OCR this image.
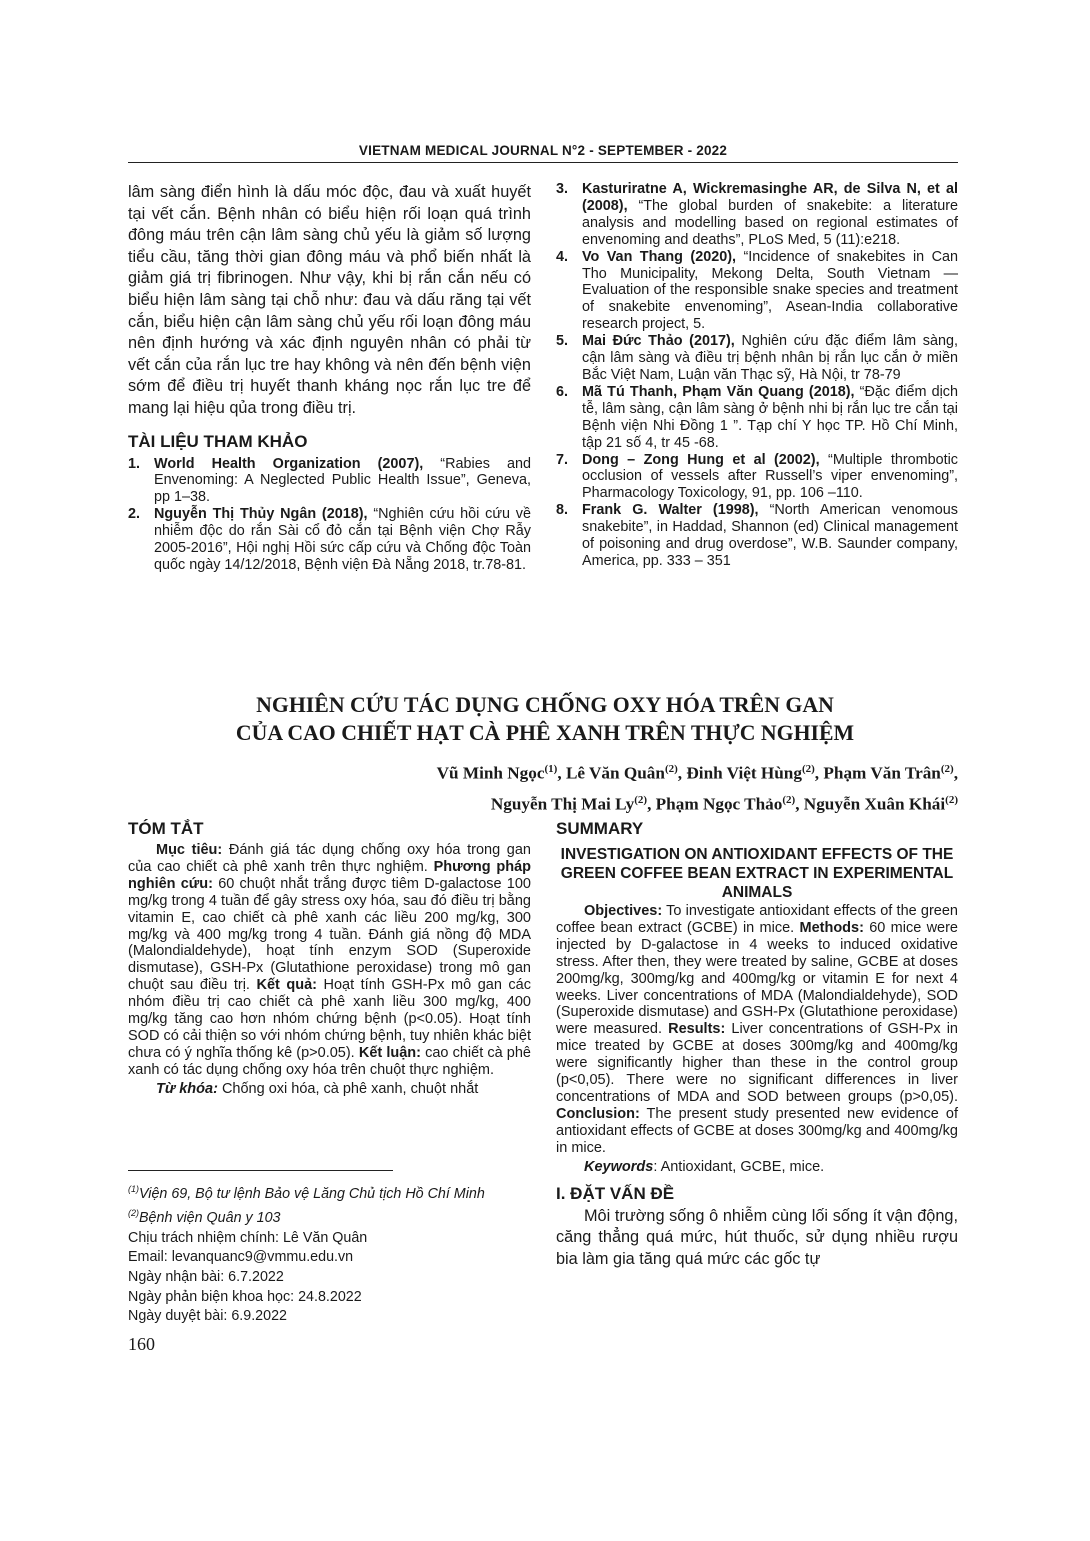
VIETNAM MEDICAL JOURNAL N°2 - SEPTEMBER - 2022

lâm sàng điển hình là dấu móc độc, đau và xuất huyết tại vết cắn. Bệnh nhân có biểu hiện rối loạn quá trình đông máu trên cận lâm sàng chủ yếu là giảm số lượng tiểu cầu, tăng thời gian đông máu và phổ biến nhất là giảm giá trị fibrinogen. Như vậy, khi bị rắn cắn nếu có biểu hiện lâm sàng tại chỗ như: đau và dấu răng tại vết cắn, biểu hiện cận lâm sàng chủ yếu rối loạn đông máu nên định hướng và xác định nguyên nhân có phải từ vết cắn của rắn lục tre hay không và nên đến bệnh viện sớm để điều trị huyết thanh kháng nọc rắn lục tre để mang lại hiệu qủa trong điều trị.

TÀI LIỆU THAM KHẢO

1. World Health Organization (2007), “Rabies and Envenoming: A Neglected Public Health Issue”, Geneva, pp 1–38.
2. Nguyễn Thị Thủy Ngân (2018), “Nghiên cứu hồi cứu về nhiễm độc do rắn Sài cổ đỏ cắn tại Bệnh viện Chợ Rẫy 2005-2016”, Hội nghị Hồi sức cấp cứu và Chống độc Toàn quốc ngày 14/12/2018, Bệnh viện Đà Nẵng 2018, tr.78-81.
3. Kasturiratne A, Wickremasinghe AR, de Silva N, et al (2008), “The global burden of snakebite: a literature analysis and modelling based on regional estimates of envenoming and deaths”, PLoS Med, 5 (11):e218.
4. Vo Van Thang (2020), “Incidence of snakebites in Can Tho Municipality, Mekong Delta, South Vietnam — Evaluation of the responsible snake species and treatment of snakebite envenoming”, Asean-India collaborative research project, 5.
5. Mai Đức Thảo (2017), Nghiên cứu đặc điểm lâm sàng, cận lâm sàng và điều trị bệnh nhân bị rắn lục cắn ở miền Bắc Việt Nam, Luận văn Thạc sỹ, Hà Nội, tr 78-79
6. Mã Tú Thanh, Phạm Văn Quang (2018), “Đặc điểm dịch tễ, lâm sàng, cận lâm sàng ở bệnh nhi bị rắn lục tre cắn tại Bệnh viện Nhi Đồng 1 ”. Tạp chí Y học TP. Hồ Chí Minh, tập 21 số 4, tr 45 -68.
7. Dong – Zong Hung et al (2002), “Multiple thrombotic occlusion of vessels after Russell’s viper envenoming”, Pharmacology Toxicology, 91, pp. 106 –110.
8. Frank G. Walter (1998), “North American venomous snakebite”, in Haddad, Shannon (ed) Clinical management of poisoning and drug overdose”, W.B. Saunder company, America, pp. 333 – 351
NGHIÊN CỨU TÁC DỤNG CHỐNG OXY HÓA TRÊN GAN
CỦA CAO CHIẾT HẠT CÀ PHÊ XANH TRÊN THỰC NGHIỆM
Vũ Minh Ngọc$^{(1)}$, Lê Văn Quân$^{(2)}$, Đinh Việt Hùng$^{(2)}$, Phạm Văn Trân$^{(2)}$,
Nguyễn Thị Mai Ly$^{(2)}$, Phạm Ngọc Thảo$^{(2)}$, Nguyễn Xuân Khái$^{(2)}$

TÓM TẮT

Mục tiêu: Đánh giá tác dụng chống oxy hóa trong gan của cao chiết cà phê xanh trên thực nghiệm. Phương pháp nghiên cứu: 60 chuột nhắt trắng được tiêm D-galactose 100 mg/kg trong 4 tuần để gây stress oxy hóa, sau đó điều trị bằng vitamin E, cao chiết cà phê xanh các liều 200 mg/kg, 300 mg/kg và 400 mg/kg trong 4 tuần. Đánh giá nồng độ MDA (Malondialdehyde), hoạt tính enzym SOD (Superoxide dismutase), GSH-Px (Glutathione peroxidase) trong mô gan chuột sau điều trị. Kết quả: Hoạt tính GSH-Px mô gan các nhóm điều trị cao chiết cà phê xanh liều 300 mg/kg, 400 mg/kg tăng cao hơn nhóm chứng bệnh (p<0.05). Hoạt tính SOD có cải thiện so với nhóm chứng bệnh, tuy nhiên khác biệt chưa có ý nghĩa thống kê (p>0.05). Kết luận: cao chiết cà phê xanh có tác dụng chống oxy hóa trên chuột thực nghiệm.

Từ khóa: Chống oxi hóa, cà phê xanh, chuột nhắt

SUMMARY

INVESTIGATION ON ANTIOXIDANT EFFECTS OF THE GREEN COFFEE BEAN EXTRACT IN EXPERIMENTAL ANIMALS

Objectives: To investigate antioxidant effects of the green coffee bean extract (GCBE) in mice. Methods: 60 mice were injected by D-galactose in 4 weeks to induced oxidative stress. After then, they were treated by saline, GCBE at doses 200mg/kg, 300mg/kg and 400mg/kg or vitamin E for next 4 weeks. Liver concentrations of MDA (Malondialdehyde), SOD (Superoxide dismutase) and GSH-Px (Glutathione peroxidase) were measured. Results: Liver concentrations of GSH-Px in mice treated by GCBE at doses 300mg/kg and 400mg/kg were significantly higher than these in the control group (p<0,05). There were no significant differences in liver concentrations of MDA and SOD between groups (p>0,05). Conclusion: The present study presented new evidence of antioxidant effects of GCBE at doses 300mg/kg and 400mg/kg in mice.

Keywords: Antioxidant, GCBE, mice.

I. ĐẶT VẤN ĐỀ

Môi trường sống ô nhiễm cùng lối sống ít vận động, căng thẳng quá mức, hút thuốc, sử dụng nhiều rượu bia làm gia tăng quá mức các gốc tự

$^{(1)}$Viện 69, Bộ tư lệnh Bảo vệ Lăng Chủ tịch Hồ Chí Minh
$^{(2)}$Bệnh viện Quân y 103
Chịu trách nhiệm chính: Lê Văn Quân
Email: levanquanc9@vmmu.edu.vn
Ngày nhận bài: 6.7.2022
Ngày phản biện khoa học: 24.8.2022
Ngày duyệt bài: 6.9.2022
160
